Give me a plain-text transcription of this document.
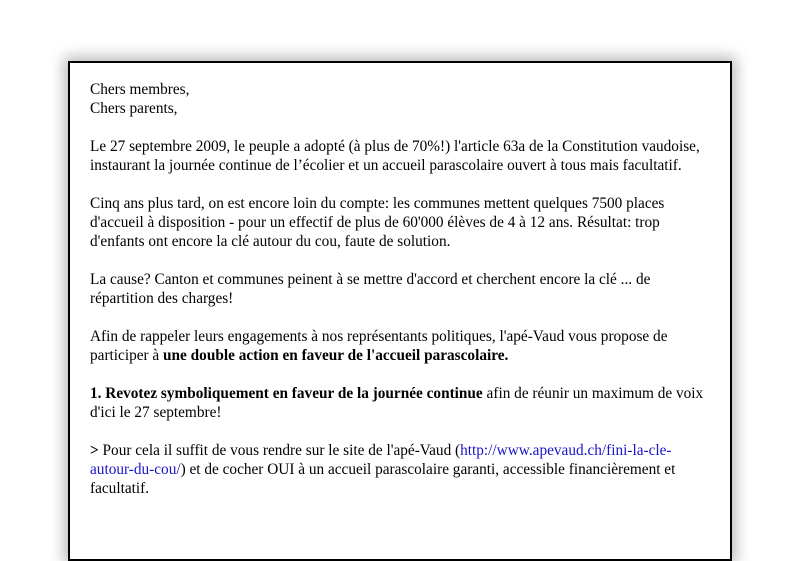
Chers membres,

Chers parents,

Le 27 septembre 2009, le peuple a adopté (à plus de 70%!) l'article 63a de la Constitution vaudoise, instaurant la journée continue de l’écolier et un accueil parascolaire ouvert à tous mais facultatif.

Cinq ans plus tard, on est encore loin du compte: les communes mettent quelques 7500 places d'accueil à disposition - pour un effectif de plus de 60'000 élèves de 4 à 12 ans. Résultat: trop d'enfants ont encore la clé autour du cou, faute de solution.

La cause? Canton et communes peinent à se mettre d'accord et cherchent encore la clé ... de répartition des charges!

Afin de rappeler leurs engagements à nos représentants politiques, l'apé-Vaud vous propose de participer à une double action en faveur de l'accueil parascolaire.

1. Revotez symboliquement en faveur de la journée continue afin de réunir un maximum de voix d'ici le 27 septembre!

> Pour cela il suffit de vous rendre sur le site de l'apé-Vaud (http://www.apevaud.ch/fini-la-cle-autour-du-cou/) et de cocher OUI à un accueil parascolaire garanti, accessible financièrement et facultatif.
